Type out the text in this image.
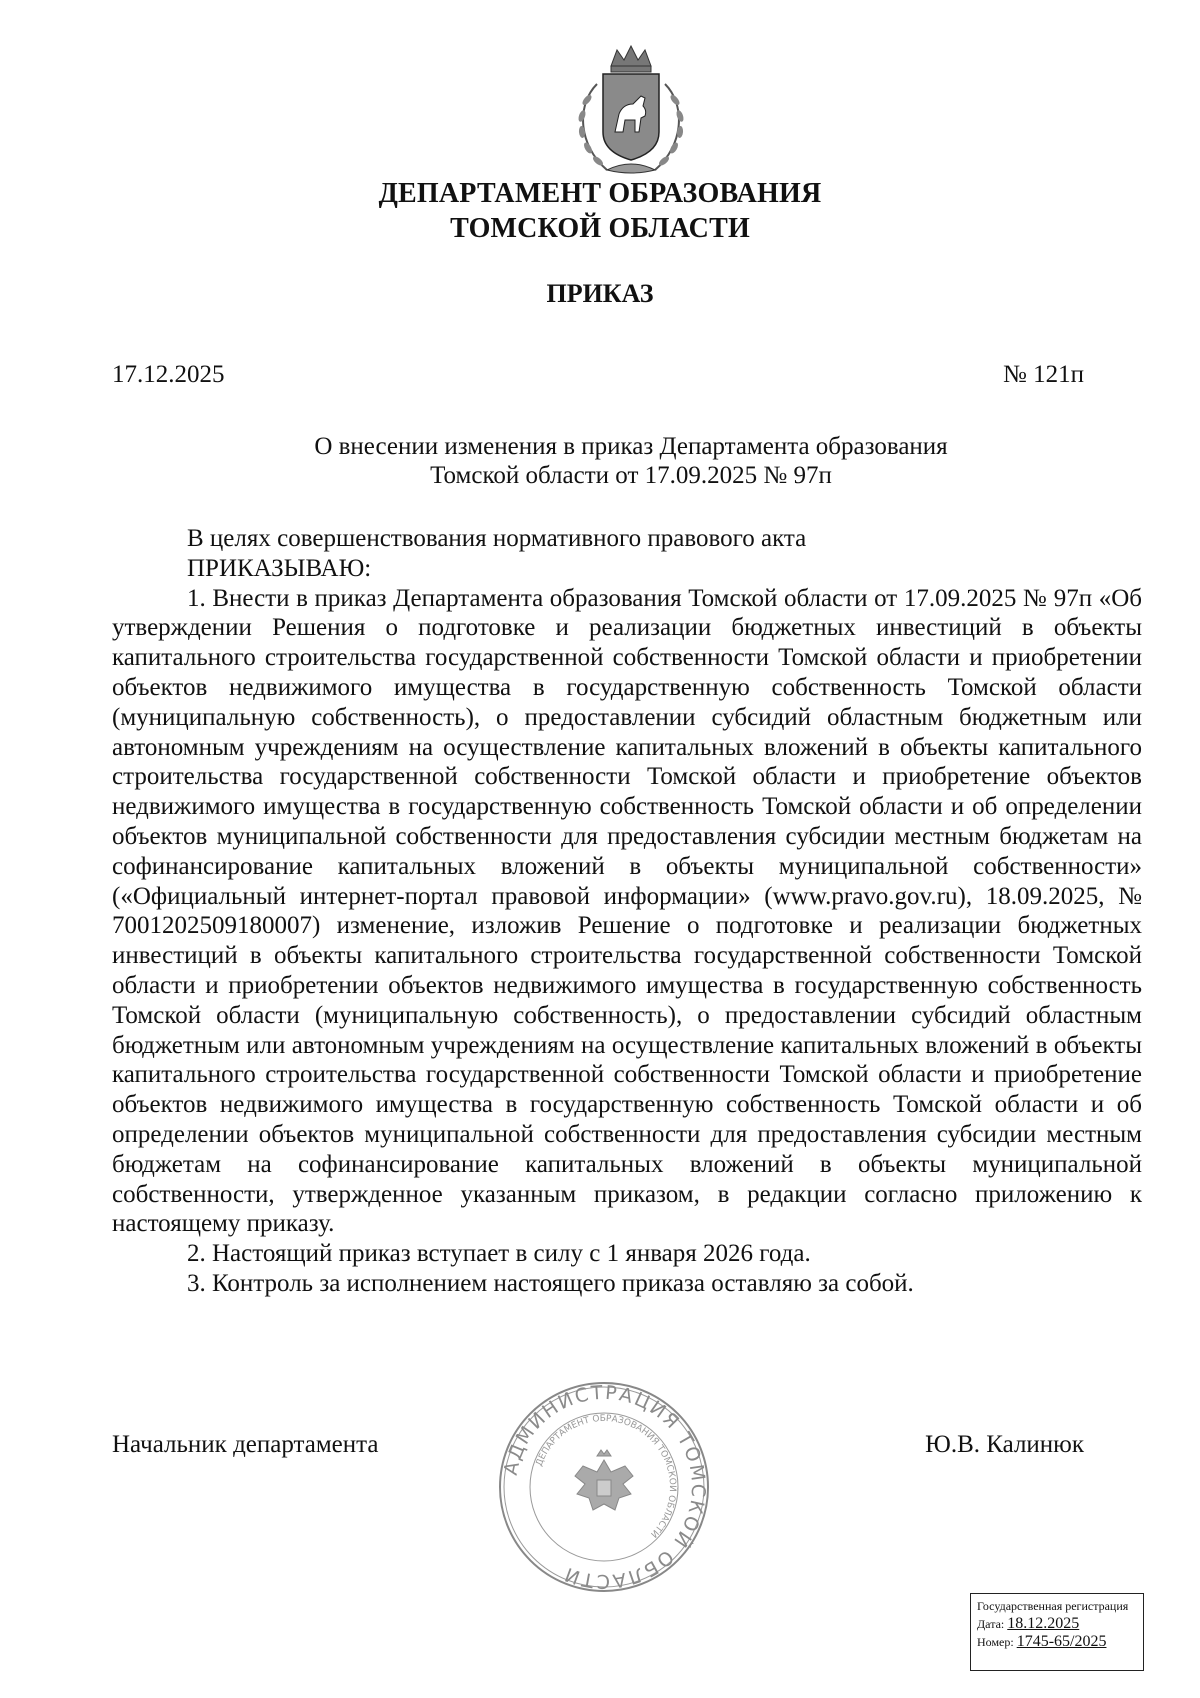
ДЕПАРТАМЕНТ ОБРАЗОВАНИЯ
ТОМСКОЙ ОБЛАСТИ
ПРИКАЗ
17.12.2025	№ 121п
О внесении изменения в приказ Департамента образования
Томской области от 17.09.2025 № 97п

В целях совершенствования нормативного правового акта

ПРИКАЗЫВАЮ:

1. Внести в приказ Департамента образования Томской области от 17.09.2025 № 97п «Об утверждении Решения о подготовке и реализации бюджетных инвестиций в объекты капитального строительства государственной собственности Томской области и приобретении объектов недвижимого имущества в государственную собственность Томской области (муниципальную собственность), о предоставлении субсидий областным бюджетным или автономным учреждениям на осуществление капитальных вложений в объекты капитального строительства государственной собственности Томской области и приобретение объектов недвижимого имущества в государственную собственность Томской области и об определении объектов муниципальной собственности для предоставления субсидии местным бюджетам на софинансирование капитальных вложений в объекты муниципальной собственности» («Официальный интернет-портал правовой информации» (www.pravo.gov.ru), 18.09.2025, № 7001202509180007) изменение, изложив Решение о подготовке и реализации бюджетных инвестиций в объекты капитального строительства государственной собственности Томской области и приобретении объектов недвижимого имущества в государственную собственность Томской области (муниципальную собственность), о предоставлении субсидий областным бюджетным или автономным учреждениям на осуществление капитальных вложений в объекты капитального строительства государственной собственности Томской области и приобретение объектов недвижимого имущества в государственную собственность Томской области и об определении объектов муниципальной собственности для предоставления субсидии местным бюджетам на софинансирование капитальных вложений в объекты муниципальной собственности, утвержденное указанным приказом, в редакции согласно приложению к настоящему приказу.

2. Настоящий приказ вступает в силу с 1 января 2026 года.

3. Контроль за исполнением настоящего приказа оставляю за собой.

Начальник департамента
АДМИНИСТРАЦИЯ ТОМСКОЙ ОБЛАСТИ
ДЕПАРТАМЕНТ ОБРАЗОВАНИЯ ТОМСКОЙ ОБЛАСТИ
Ю.В. Калинюк
Государственная регистрация
Дата: 18.12.2025
Номер: 1745-65/2025
